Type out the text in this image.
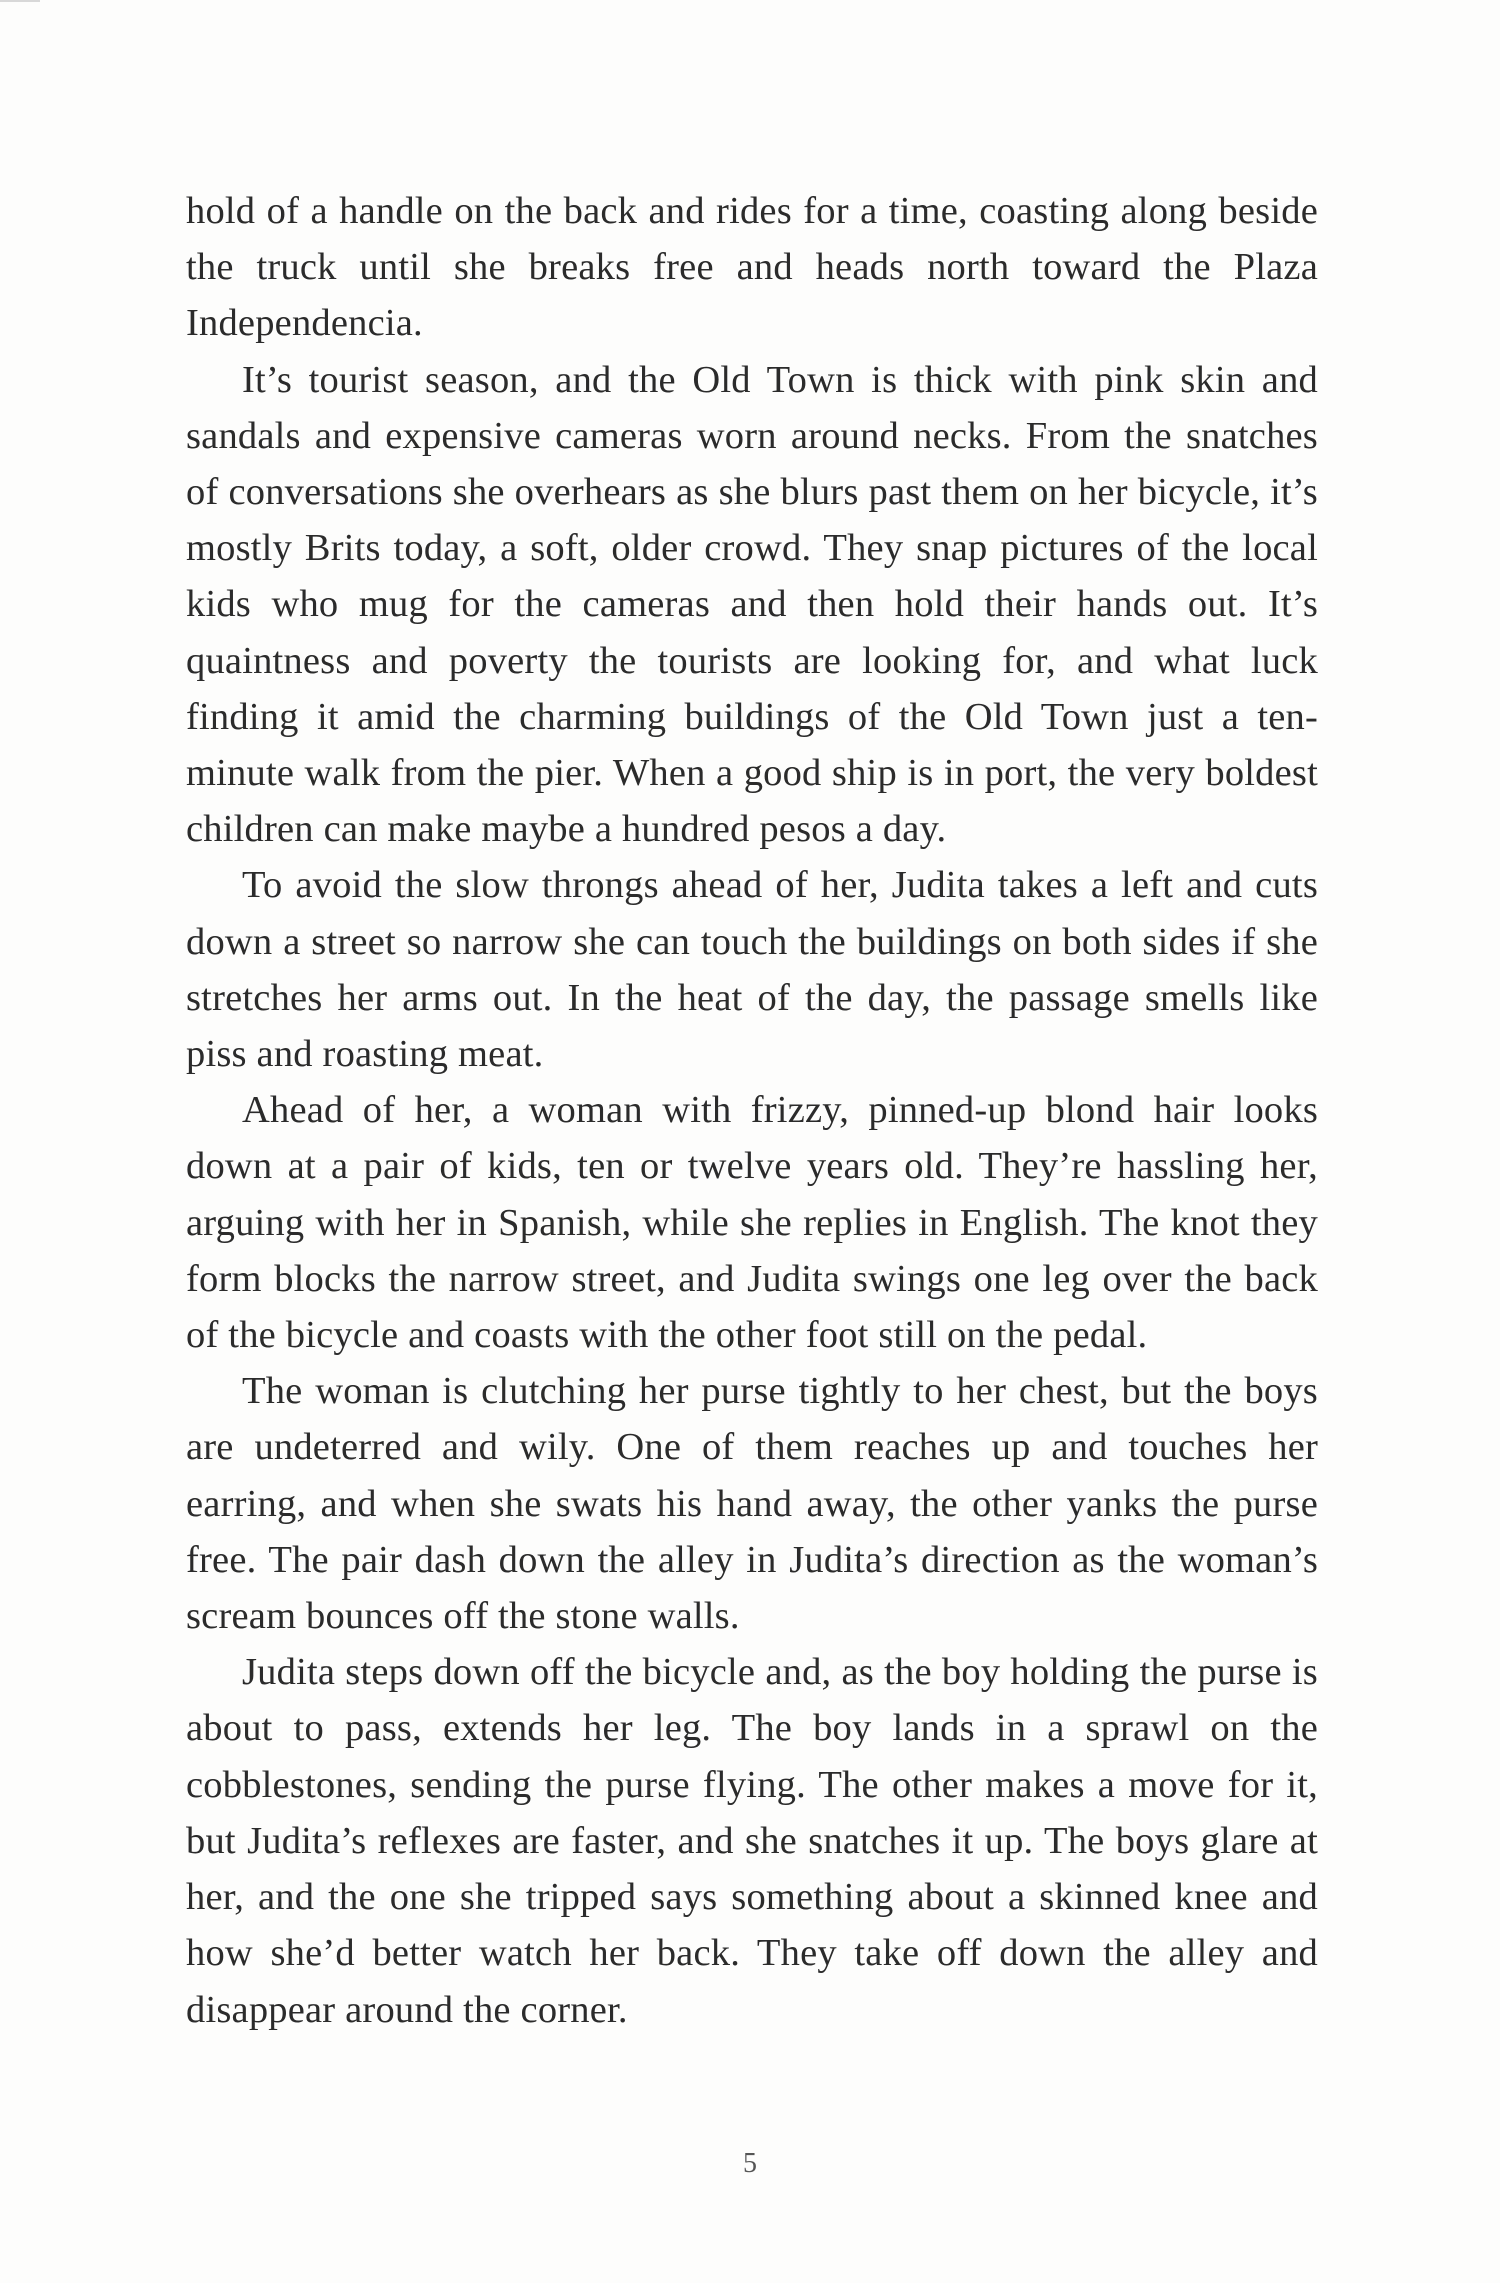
hold of a handle on the back and rides for a time, coasting along beside the truck until she breaks free and heads north toward the Plaza Independencia.

It’s tourist season, and the Old Town is thick with pink skin and sandals and expensive cameras worn around necks. From the snatches of conversations she overhears as she blurs past them on her bicycle, it’s mostly Brits today, a soft, older crowd. They snap pictures of the local kids who mug for the cameras and then hold their hands out. It’s quaintness and poverty the tourists are looking for, and what luck finding it amid the charming buildings of the Old Town just a ten-minute walk from the pier. When a good ship is in port, the very boldest children can make maybe a hundred pesos a day.

To avoid the slow throngs ahead of her, Judita takes a left and cuts down a street so narrow she can touch the buildings on both sides if she stretches her arms out. In the heat of the day, the passage smells like piss and roasting meat.

Ahead of her, a woman with frizzy, pinned-up blond hair looks down at a pair of kids, ten or twelve years old. They’re hassling her, arguing with her in Spanish, while she replies in English. The knot they form blocks the narrow street, and Judita swings one leg over the back of the bicycle and coasts with the other foot still on the pedal.

The woman is clutching her purse tightly to her chest, but the boys are undeterred and wily. One of them reaches up and touches her earring, and when she swats his hand away, the other yanks the purse free. The pair dash down the alley in Judita’s direction as the woman’s scream bounces off the stone walls.

Judita steps down off the bicycle and, as the boy holding the purse is about to pass, extends her leg. The boy lands in a sprawl on the cobblestones, sending the purse flying. The other makes a move for it, but Judita’s reflexes are faster, and she snatches it up. The boys glare at her, and the one she tripped says something about a skinned knee and how she’d better watch her back. They take off down the alley and disappear around the corner.

5
